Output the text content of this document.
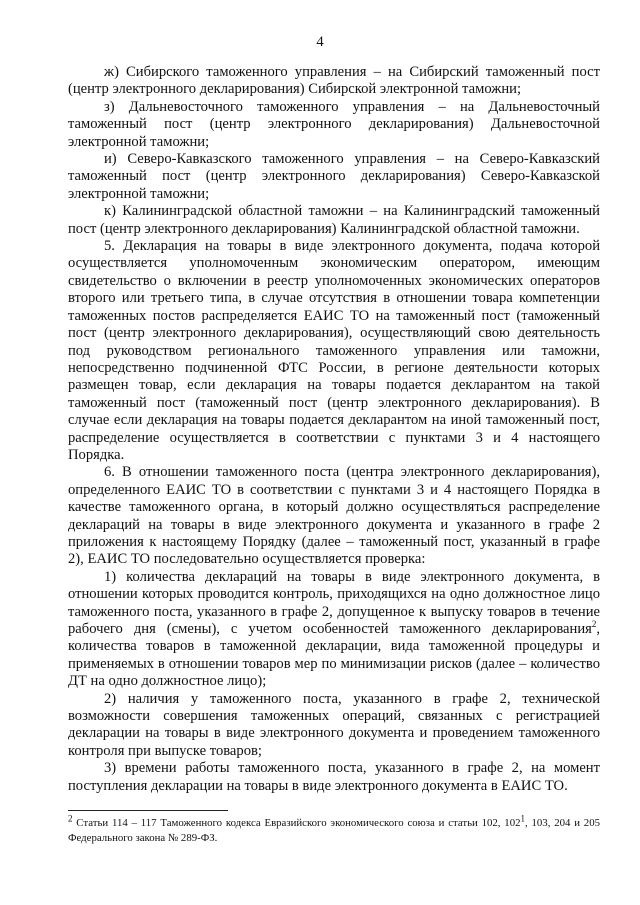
4

ж) Сибирского таможенного управления – на Сибирский таможенный пост (центр электронного декларирования) Сибирской электронной таможни;

з) Дальневосточного таможенного управления – на Дальневосточный таможенный пост (центр электронного декларирования) Дальневосточной электронной таможни;

и) Северо-Кавказского таможенного управления – на Северо-Кавказский таможенный пост (центр электронного декларирования) Северо-Кавказской электронной таможни;

к) Калининградской областной таможни – на Калининградский таможенный пост (центр электронного декларирования) Калининградской областной таможни.

5. Декларация на товары в виде электронного документа, подача которой осуществляется уполномоченным экономическим оператором, имеющим свидетельство о включении в реестр уполномоченных экономических операторов второго или третьего типа, в случае отсутствия в отношении товара компетенции таможенных постов распределяется ЕАИС ТО на таможенный пост (таможенный пост (центр электронного декларирования), осуществляющий свою деятельность под руководством регионального таможенного управления или таможни, непосредственно подчиненной ФТС России, в регионе деятельности которых размещен товар, если декларация на товары подается декларантом на такой таможенный пост (таможенный пост (центр электронного декларирования). В случае если декларация на товары подается декларантом на иной таможенный пост, распределение осуществляется в соответствии с пунктами 3 и 4 настоящего Порядка.

6. В отношении таможенного поста (центра электронного декларирования), определенного ЕАИС ТО в соответствии с пунктами 3 и 4 настоящего Порядка в качестве таможенного органа, в который должно осуществляться распределение деклараций на товары в виде электронного документа и указанного в графе 2 приложения к настоящему Порядку (далее – таможенный пост, указанный в графе 2), ЕАИС ТО последовательно осуществляется проверка:

1) количества деклараций на товары в виде электронного документа, в отношении которых проводится контроль, приходящихся на одно должностное лицо таможенного поста, указанного в графе 2, допущенное к выпуску товаров в течение рабочего дня (смены), с учетом особенностей таможенного декларирования$^2$, количества товаров в таможенной декларации, вида таможенной процедуры и применяемых в отношении товаров мер по минимизации рисков (далее – количество ДТ на одно должностное лицо);

2) наличия у таможенного поста, указанного в графе 2, технической возможности совершения таможенных операций, связанных с регистрацией декларации на товары в виде электронного документа и проведением таможенного контроля при выпуске товаров;

3) времени работы таможенного поста, указанного в графе 2, на момент поступления декларации на товары в виде электронного документа в ЕАИС ТО.

$^2$ Статьи 114 – 117 Таможенного кодекса Евразийского экономического союза и статьи 102, $102^1$, 103, 204 и 205 Федерального закона № 289-ФЗ.
